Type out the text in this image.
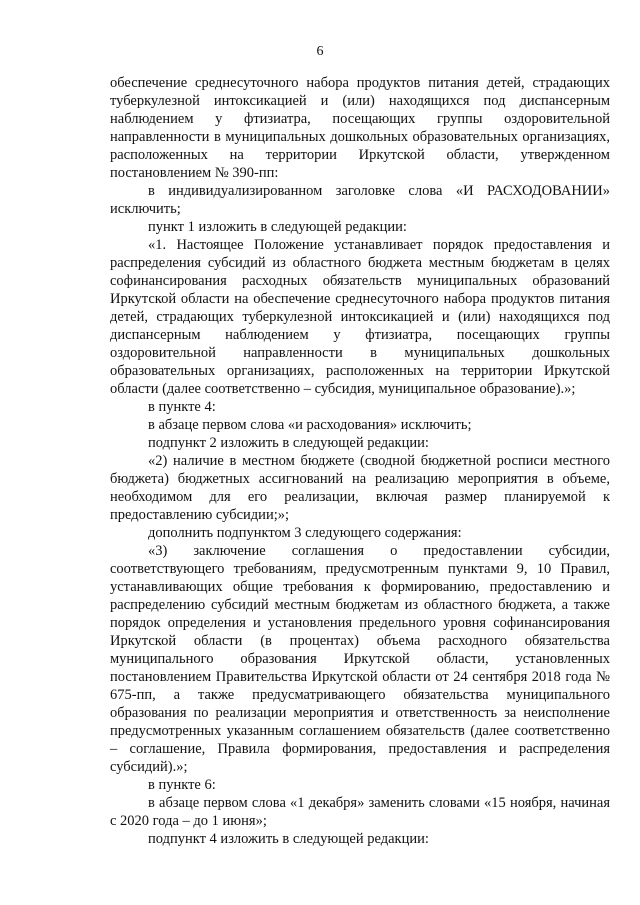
6

обеспечение среднесуточного набора продуктов питания детей, страдающих туберкулезной интоксикацией и (или) находящихся под диспансерным наблюдением у фтизиатра, посещающих группы оздоровительной направленности в муниципальных дошкольных образовательных организациях, расположенных на территории Иркутской области, утвержденном постановлением № 390-пп:

в индивидуализированном заголовке слова «И РАСХОДОВАНИИ» исключить;

пункт 1 изложить в следующей редакции:

«1. Настоящее Положение устанавливает порядок предоставления и распределения субсидий из областного бюджета местным бюджетам в целях софинансирования расходных обязательств муниципальных образований Иркутской области на обеспечение среднесуточного набора продуктов питания детей, страдающих туберкулезной интоксикацией и (или) находящихся под диспансерным наблюдением у фтизиатра, посещающих группы оздоровительной направленности в муниципальных дошкольных образовательных организациях, расположенных на территории Иркутской области (далее соответственно – субсидия, муниципальное образование).»;

в пункте 4:

в абзаце первом слова «и расходования» исключить;

подпункт 2 изложить в следующей редакции:

«2) наличие в местном бюджете (сводной бюджетной росписи местного бюджета) бюджетных ассигнований на реализацию мероприятия в объеме, необходимом для его реализации, включая размер планируемой к предоставлению субсидии;»;

дополнить подпунктом 3 следующего содержания:

«3) заключение соглашения о предоставлении субсидии, соответствующего требованиям, предусмотренным пунктами 9, 10 Правил, устанавливающих общие требования к формированию, предоставлению и распределению субсидий местным бюджетам из областного бюджета, а также порядок определения и установления предельного уровня софинансирования Иркутской области (в процентах) объема расходного обязательства муниципального образования Иркутской области, установленных постановлением Правительства Иркутской области от 24 сентября 2018 года № 675-пп, а также предусматривающего обязательства муниципального образования по реализации мероприятия и ответственность за неисполнение предусмотренных указанным соглашением обязательств (далее соответственно – соглашение, Правила формирования, предоставления и распределения субсидий).»;

в пункте 6:

в абзаце первом слова «1 декабря» заменить словами «15 ноября, начиная с 2020 года – до 1 июня»;

подпункт 4 изложить в следующей редакции:
